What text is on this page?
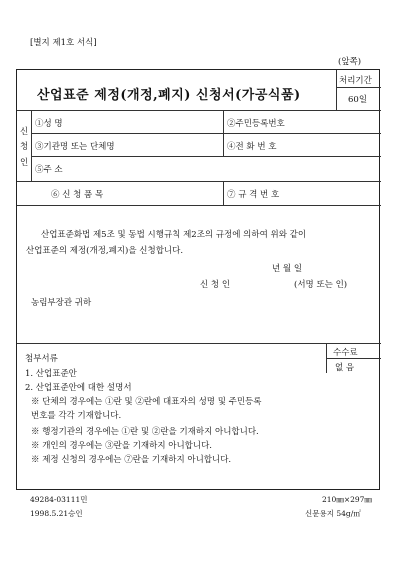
[별지 제1호 서식]
(앞쪽)
산업표준 제정(개정,폐지) 신청서(가공식품)
처리기간
60일
신
청
인
①성 명	②주민등록번호
③기관명 또는 단체명	④전 화 번 호
⑤주 소
⑥ 신 청 품 목	⑦ 규 격 번 호
산업표준화법 제5조 및 동법 시행규칙 제2조의 규정에 의하여 위와 같이
산업표준의 제정(개정,폐지)을 신청합니다.
년 월 일
신 청 인	(서명 또는 인)
농림부장관 귀하
수수료
없 음
첨부서류
1. 산업표준안
2. 산업표준안에 대한 설명서
※ 단체의 경우에는 ①란 및 ②란에 대표자의 성명 및 주민등록
번호를 각각 기재합니다.
※ 행정기관의 경우에는 ①란 및 ②란을 기재하지 아니합니다.
※ 개인의 경우에는 ③란을 기재하지 아니합니다.
※ 제정 신청의 경우에는 ⑦란을 기재하지 아니합니다.
49284-03111민
1998.5.21승인
210㎜×297㎜
신문용지 54g/㎡
